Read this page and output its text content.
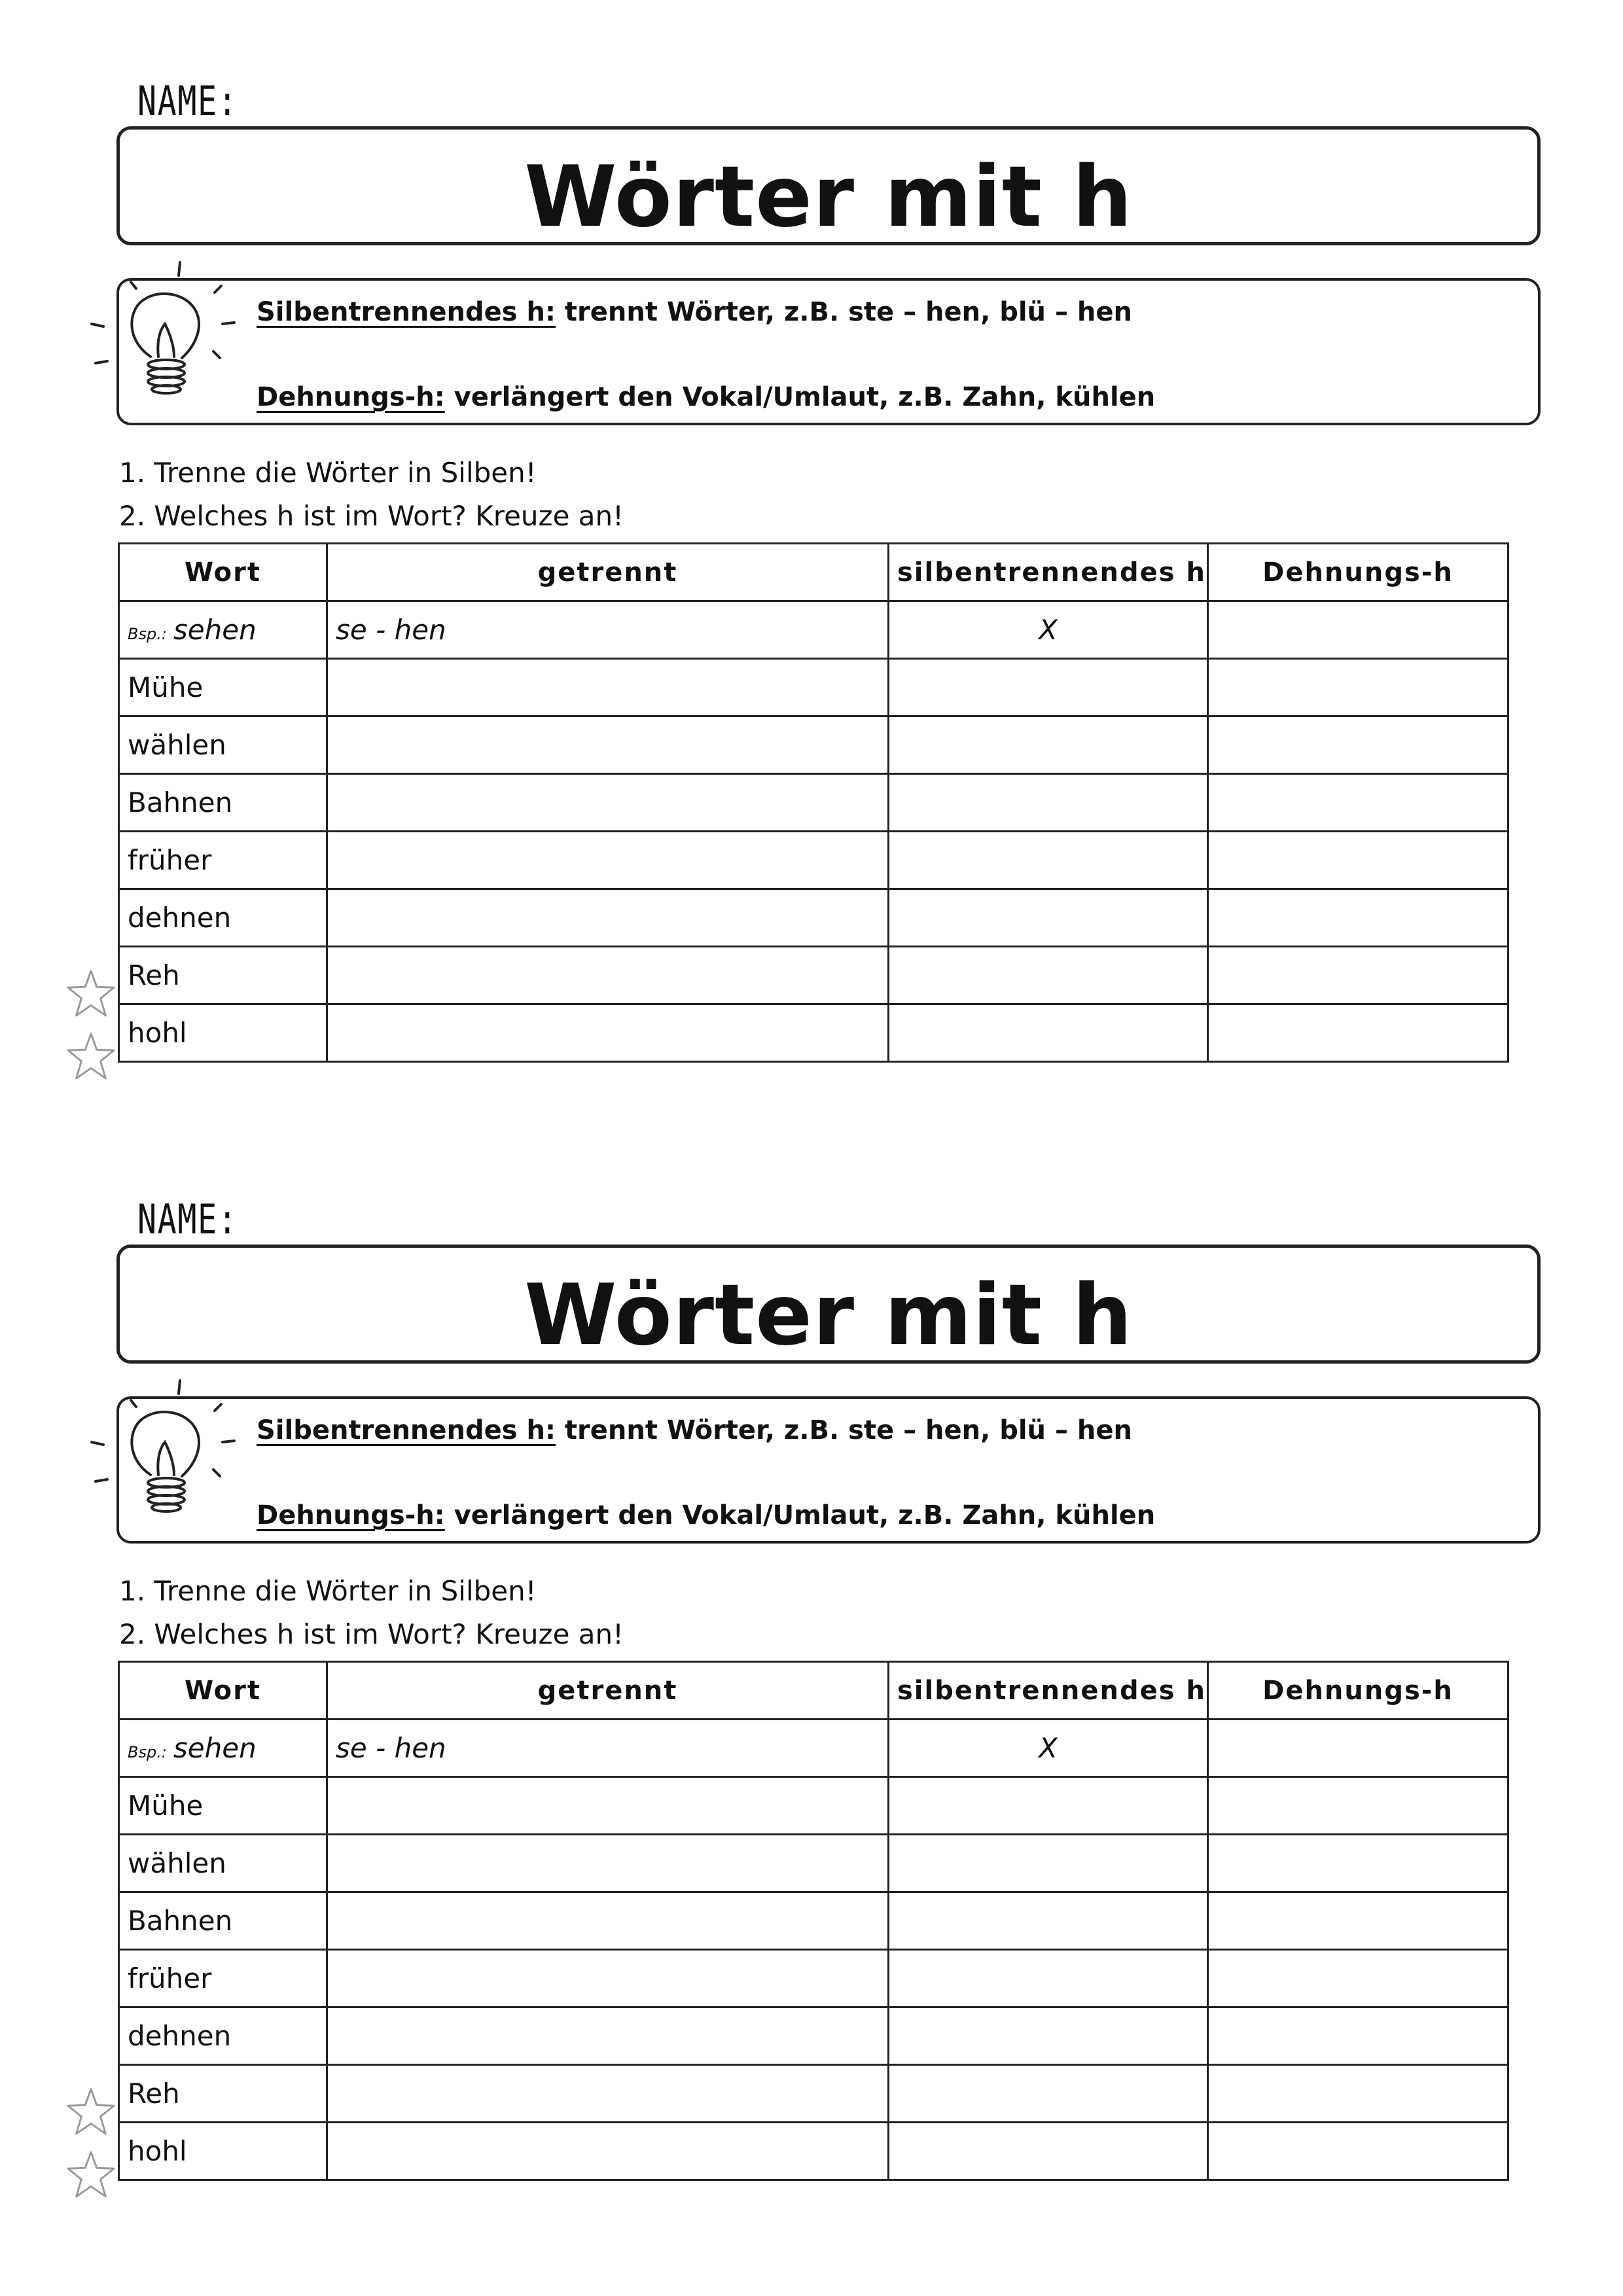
NAME:
Wörter mit h
Silbentrennendes h: trennt Wörter, z.B. ste – hen, blü – hen
Dehnungs-h: verlängert den Vokal/Umlaut, z.B. Zahn, kühlen
1. Trenne die Wörter in Silben!
2. Welches h ist im Wort? Kreuze an!
Wort	getrennt	silbentrennendes h	Dehnungs-h
Bsp.: sehen	se - hen	X	
Mühe			
wählen			
Bahnen			
früher			
dehnen			
Reh			
hohl			
NAME:
Wörter mit h
Silbentrennendes h: trennt Wörter, z.B. ste – hen, blü – hen
Dehnungs-h: verlängert den Vokal/Umlaut, z.B. Zahn, kühlen
1. Trenne die Wörter in Silben!
2. Welches h ist im Wort? Kreuze an!
Wort	getrennt	silbentrennendes h	Dehnungs-h
Bsp.: sehen	se - hen	X	
Mühe			
wählen			
Bahnen			
früher			
dehnen			
Reh			
hohl			
